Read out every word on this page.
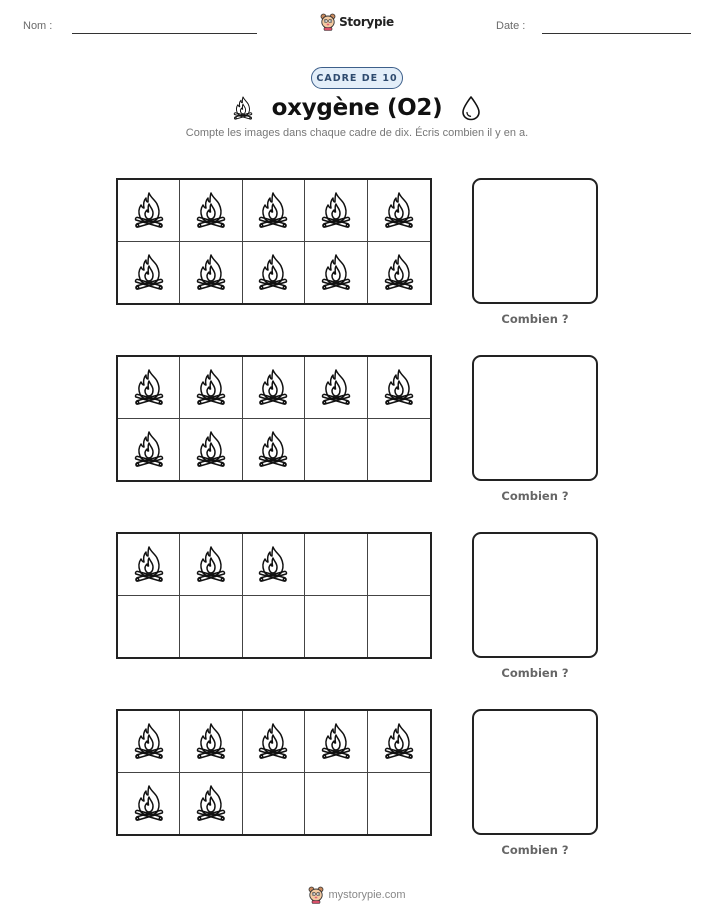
Nom :	Storypie	Date :
CADRE DE 10
oxygène (O2)

Compte les images dans chaque cadre de dix. Écris combien il y en a.

Combien ?
Combien ?
Combien ?
Combien ?
mystorypie.com
